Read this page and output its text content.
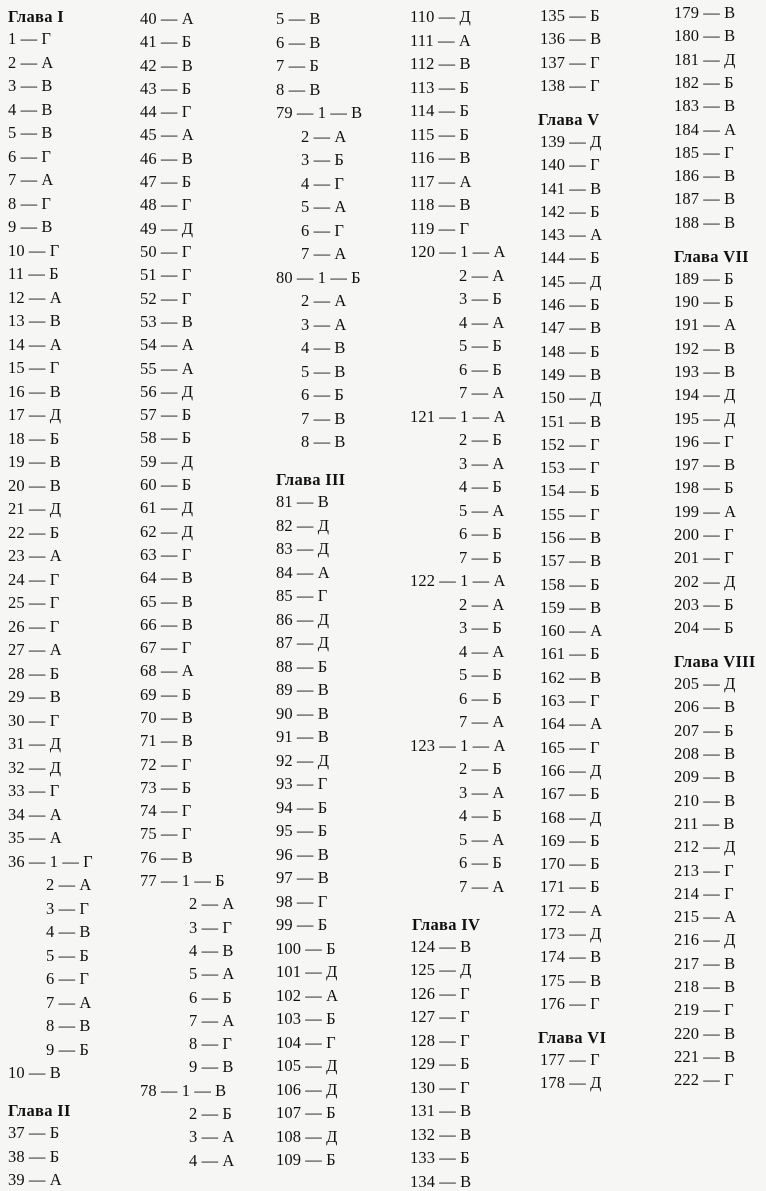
Глава I
1 — Г
2 — А
3 — В
4 — В
5 — В
6 — Г
7 — А
8 — Г
9 — В
10 — Г
11 — Б
12 — А
13 — В
14 — А
15 — Г
16 — В
17 — Д
18 — Б
19 — В
20 — В
21 — Д
22 — Б
23 — А
24 — Г
25 — Г
26 — Г
27 — А
28 — Б
29 — В
30 — Г
31 — Д
32 — Д
33 — Г
34 — А
35 — А
36 — 1 — Г
2 — А
3 — Г
4 — В
5 — Б
6 — Г
7 — А
8 — В
9 — Б
10 — В
Глава II
37 — Б
38 — Б
39 — А
40 — А
41 — Б
42 — В
43 — Б
44 — Г
45 — А
46 — В
47 — Б
48 — Г
49 — Д
50 — Г
51 — Г
52 — Г
53 — В
54 — А
55 — А
56 — Д
57 — Б
58 — Б
59 — Д
60 — Б
61 — Д
62 — Д
63 — Г
64 — В
65 — В
66 — В
67 — Г
68 — А
69 — Б
70 — В
71 — В
72 — Г
73 — Б
74 — Г
75 — Г
76 — В
77 — 1 — Б
2 — А
3 — Г
4 — В
5 — А
6 — Б
7 — А
8 — Г
9 — В
78 — 1 — В
2 — Б
3 — А
4 — А
5 — В
6 — В
7 — Б
8 — В
79 — 1 — В
2 — А
3 — Б
4 — Г
5 — А
6 — Г
7 — А
80 — 1 — Б
2 — А
3 — А
4 — В
5 — В
6 — Б
7 — В
8 — В
Глава III
81 — В
82 — Д
83 — Д
84 — А
85 — Г
86 — Д
87 — Д
88 — Б
89 — В
90 — В
91 — В
92 — Д
93 — Г
94 — Б
95 — Б
96 — В
97 — В
98 — Г
99 — Б
100 — Б
101 — Д
102 — А
103 — Б
104 — Г
105 — Д
106 — Д
107 — Б
108 — Д
109 — Б
110 — Д
111 — А
112 — В
113 — Б
114 — Б
115 — Б
116 — В
117 — А
118 — В
119 — Г
120 — 1 — А
2 — А
3 — Б
4 — А
5 — Б
6 — Б
7 — А
121 — 1 — А
2 — Б
3 — А
4 — Б
5 — А
6 — Б
7 — Б
122 — 1 — А
2 — А
3 — Б
4 — А
5 — Б
6 — Б
7 — А
123 — 1 — А
2 — Б
3 — А
4 — Б
5 — А
6 — Б
7 — А
Глава IV
124 — В
125 — Д
126 — Г
127 — Г
128 — Г
129 — Б
130 — Г
131 — В
132 — В
133 — Б
134 — В
135 — Б
136 — В
137 — Г
138 — Г
Глава V
139 — Д
140 — Г
141 — В
142 — Б
143 — А
144 — Б
145 — Д
146 — Б
147 — В
148 — Б
149 — В
150 — Д
151 — В
152 — Г
153 — Г
154 — Б
155 — Г
156 — В
157 — В
158 — Б
159 — В
160 — А
161 — Б
162 — В
163 — Г
164 — А
165 — Г
166 — Д
167 — Б
168 — Д
169 — Б
170 — Б
171 — Б
172 — А
173 — Д
174 — В
175 — В
176 — Г
Глава VI
177 — Г
178 — Д
179 — В
180 — В
181 — Д
182 — Б
183 — В
184 — А
185 — Г
186 — В
187 — В
188 — В
Глава VII
189 — Б
190 — Б
191 — А
192 — В
193 — В
194 — Д
195 — Д
196 — Г
197 — В
198 — Б
199 — А
200 — Г
201 — Г
202 — Д
203 — Б
204 — Б
Глава VIII
205 — Д
206 — В
207 — Б
208 — В
209 — В
210 — В
211 — В
212 — Д
213 — Г
214 — Г
215 — А
216 — Д
217 — В
218 — В
219 — Г
220 — В
221 — В
222 — Г
